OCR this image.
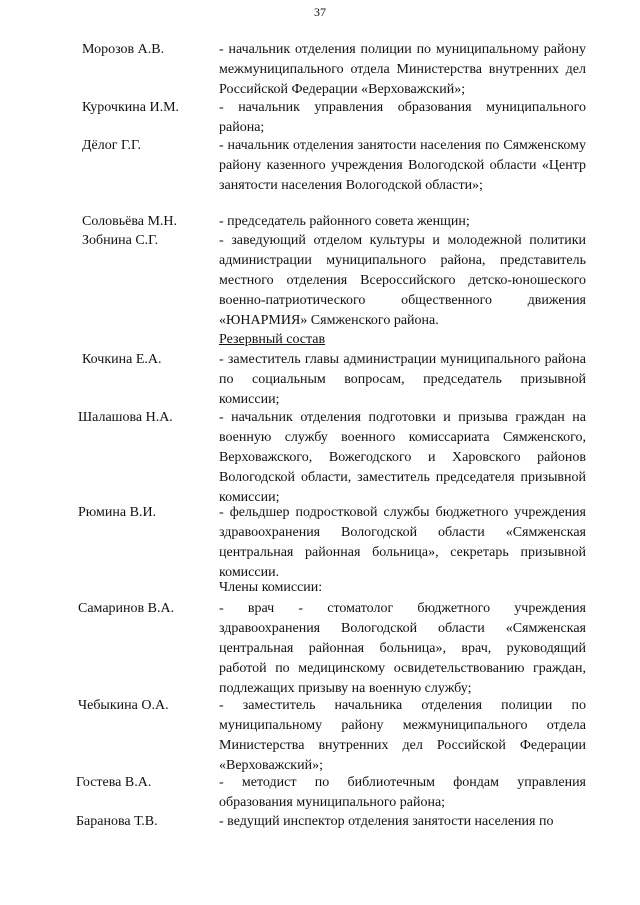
37
Морозов А.В.	- начальник отделения полиции по муниципальному району межмуниципального отдела Министерства внутренних дел Российской Федерации «Верховажский»;
Курочкина И.М.	- начальник управления образования муниципального района;
Дёлог Г.Г.	- начальник отделения занятости населения по Сямженскому району казенного учреждения Вологодской области «Центр занятости населения Вологодской области»;
Соловьёва М.Н.	- председатель районного совета женщин;
Зобнина С.Г.	- заведующий отделом культуры и молодежной политики администрации муниципального района, представитель местного отделения Всероссийского детско-юношеского военно-патриотического общественного движения «ЮНАРМИЯ» Сямженского района.
Резервный состав
Кочкина Е.А.	- заместитель главы администрации муниципального района по социальным вопросам, председатель призывной комиссии;
Шалашова Н.А.	- начальник отделения подготовки и призыва граждан на военную службу военного комиссариата Сямженского, Верховажского, Вожегодского и Харовского районов Вологодской области, заместитель председателя призывной комиссии;
Рюмина В.И.	- фельдшер подростковой службы бюджетного учреждения здравоохранения Вологодской области «Сямженская центральная районная больница», секретарь призывной комиссии.
Члены комиссии:
Самаринов В.А.	- врач - стоматолог бюджетного учреждения здравоохранения Вологодской области «Сямженская центральная районная больница», врач, руководящий работой по медицинскому освидетельствованию граждан, подлежащих призыву на военную службу;
Чебыкина О.А.	- заместитель начальника отделения полиции по муниципальному району межмуниципального отдела Министерства внутренних дел Российской Федерации «Верховажский»;
Гостева В.А.	- методист по библиотечным фондам управления образования муниципального района;
Баранова Т.В.	- ведущий инспектор отделения занятости населения по
